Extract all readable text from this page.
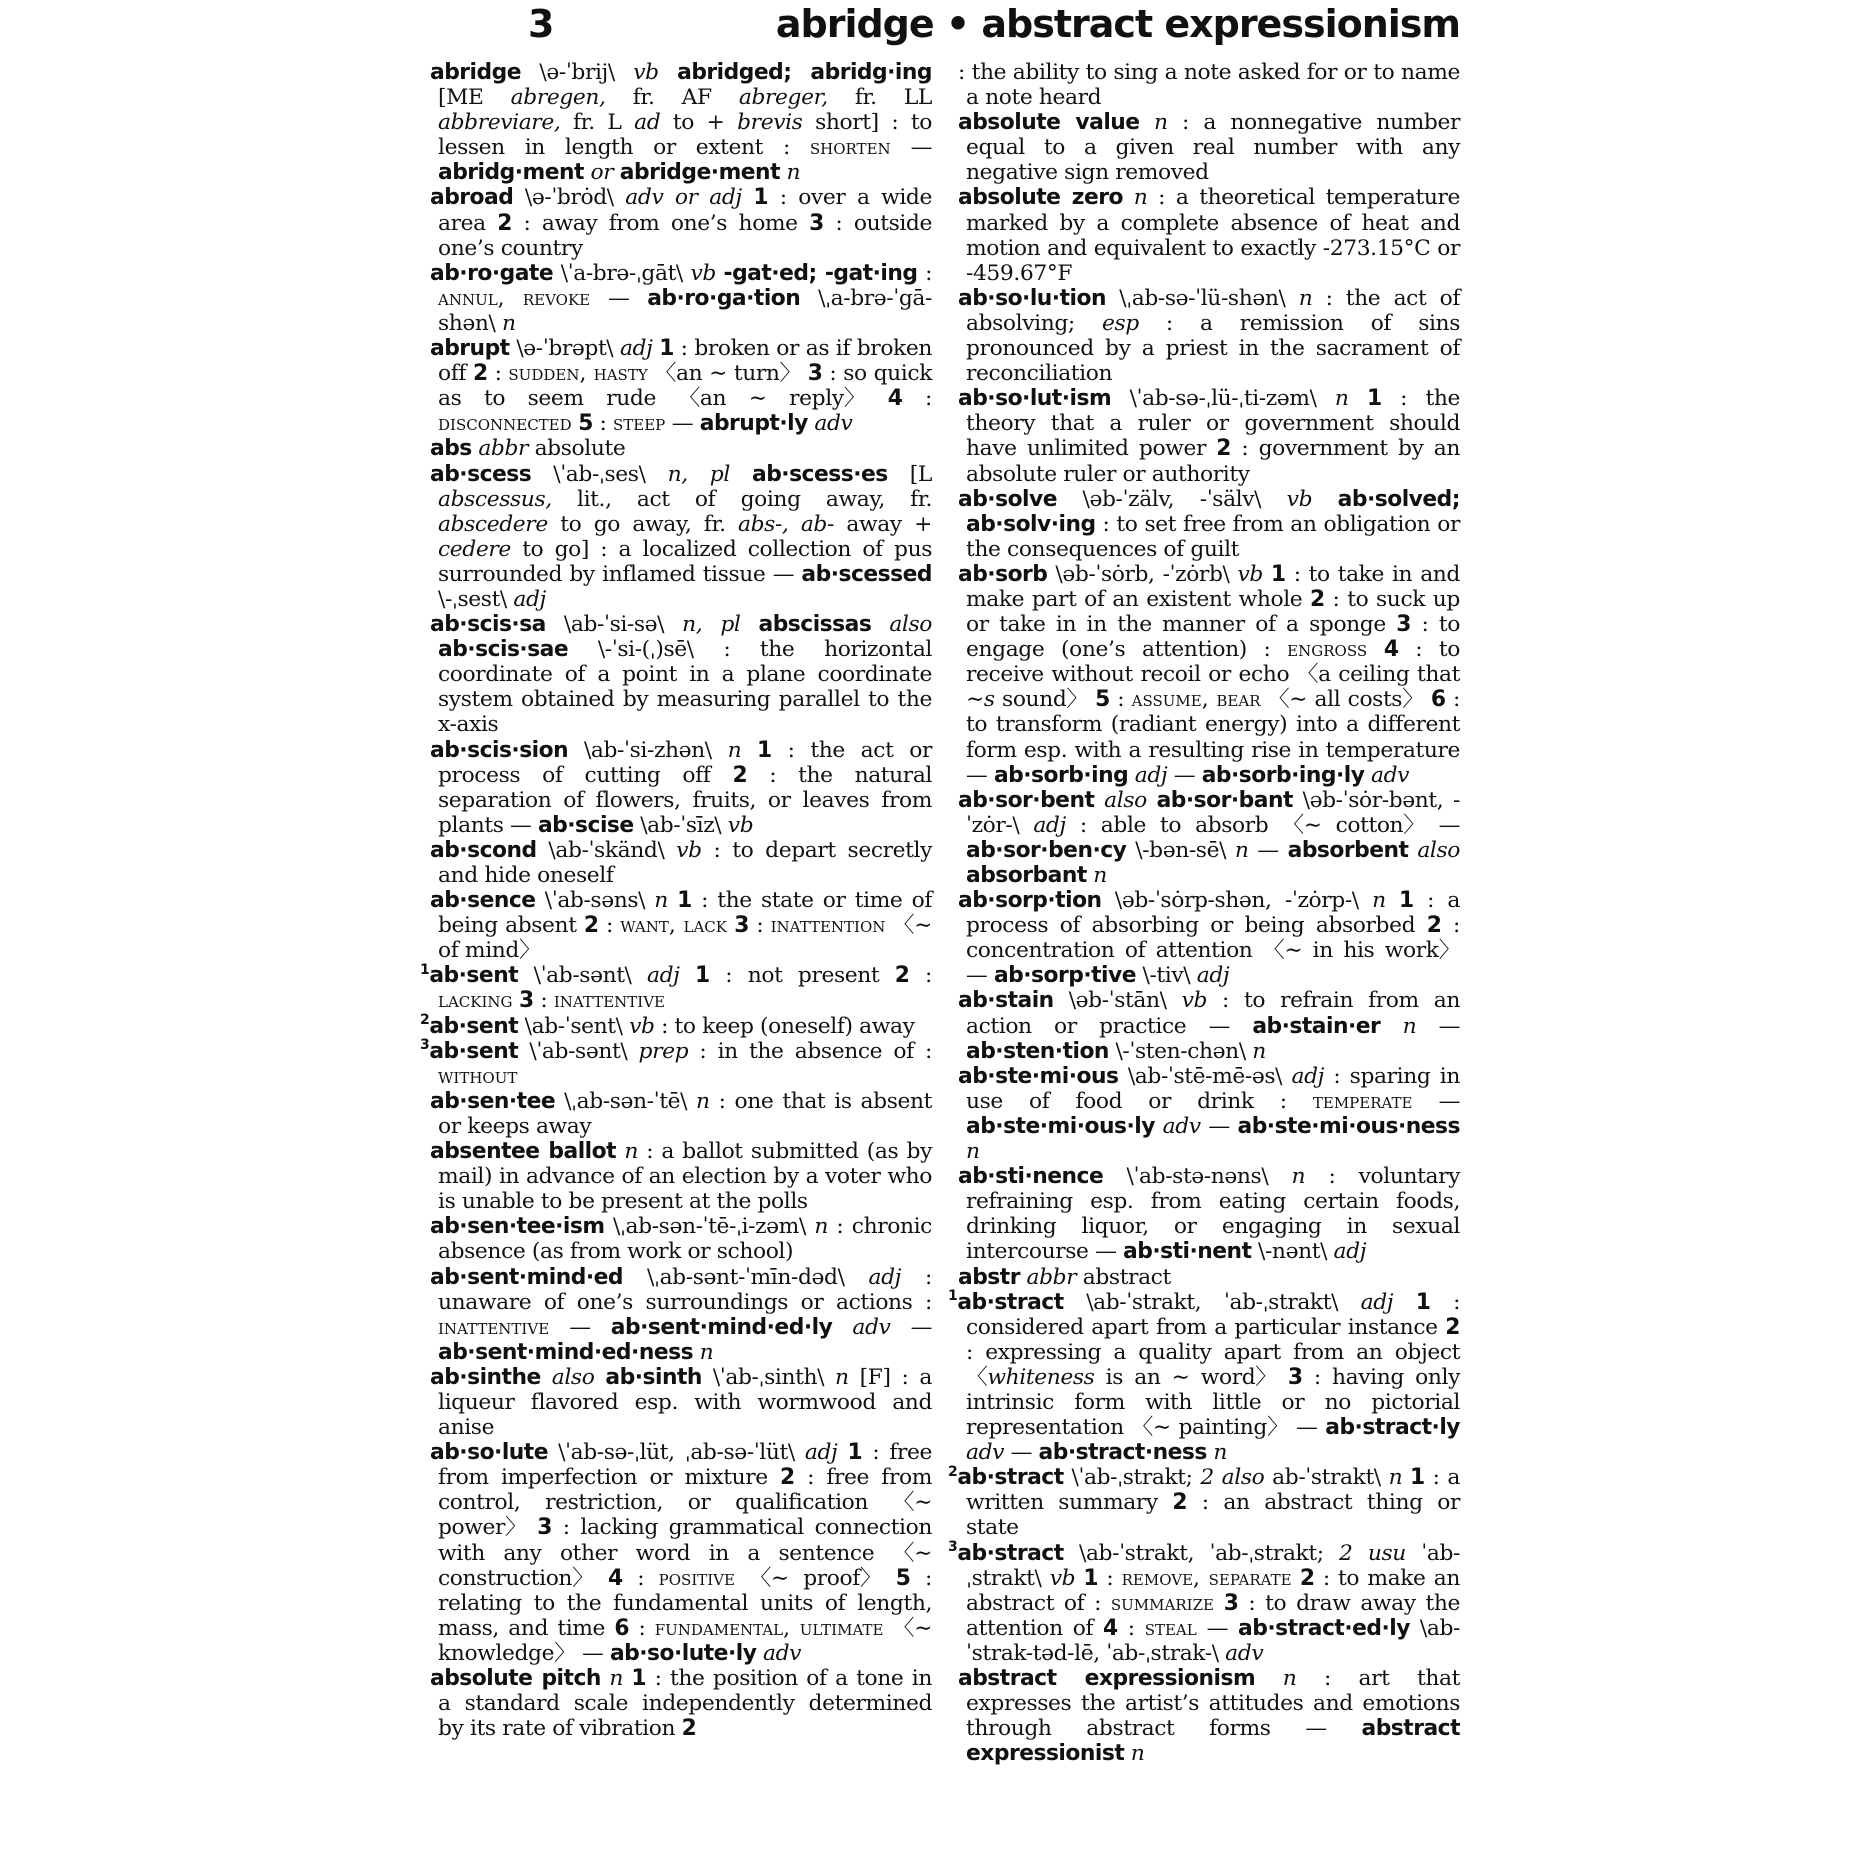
3	abridge • abstract expressionism

abridge \ə-ˈbrij\ vb abridged; abridg·ing [ME abregen, fr. AF abreger, fr. LL abbreviare, fr. L ad to + brevis short] : to lessen in length or extent : shorten — abridg·ment or abridge·ment n

abroad \ə-ˈbrȯd\ adv or adj 1 : over a wide area 2 : away from one’s home 3 : outside one’s country

ab·ro·gate \ˈa-brə-ˌgāt\ vb -gat·ed; -gat·ing : annul, revoke — ab·ro·ga·tion \ˌa-brə-ˈgā-shən\ n

abrupt \ə-ˈbrəpt\ adj 1 : broken or as if broken off 2 : sudden, hasty 〈an ∼ turn〉 3 : so quick as to seem rude 〈an ∼ reply〉 4 : disconnected 5 : steep — abrupt·ly adv

abs abbr absolute

ab·scess \ˈab-ˌses\ n, pl ab·scess·es [L abscessus, lit., act of going away, fr. abscedere to go away, fr. abs-, ab- away + cedere to go] : a localized collection of pus surrounded by inflamed tissue — ab·scessed \-ˌsest\ adj

ab·scis·sa \ab-ˈsi-sə\ n, pl abscissas also ab·scis·sae \-ˈsi-(ˌ)sē\ : the horizontal coordinate of a point in a plane coordinate system obtained by measuring parallel to the x-axis

ab·scis·sion \ab-ˈsi-zhən\ n 1 : the act or process of cutting off 2 : the natural separation of flowers, fruits, or leaves from plants — ab·scise \ab-ˈsīz\ vb

ab·scond \ab-ˈskänd\ vb : to depart secretly and hide oneself

ab·sence \ˈab-səns\ n 1 : the state or time of being absent 2 : want, lack 3 : inattention 〈∼ of mind〉

$^1$ab·sent \ˈab-sənt\ adj 1 : not present 2 : lacking 3 : inattentive

$^2$ab·sent \ab-ˈsent\ vb : to keep (oneself) away

$^3$ab·sent \ˈab-sənt\ prep : in the absence of : without

ab·sen·tee \ˌab-sən-ˈtē\ n : one that is absent or keeps away

absentee ballot n : a ballot submitted (as by mail) in advance of an election by a voter who is unable to be present at the polls

ab·sen·tee·ism \ˌab-sən-ˈtē-ˌi-zəm\ n : chronic absence (as from work or school)

ab·sent·mind·ed \ˌab-sənt-ˈmīn-dəd\ adj : unaware of one’s surroundings or actions : inattentive — ab·sent·mind·ed·ly adv — ab·sent·mind·ed·ness n

ab·sinthe also ab·sinth \ˈab-ˌsinth\ n [F] : a liqueur flavored esp. with wormwood and anise

ab·so·lute \ˈab-sə-ˌlüt, ˌab-sə-ˈlüt\ adj 1 : free from imperfection or mixture 2 : free from control, restriction, or qualification 〈∼ power〉 3 : lacking grammatical connection with any other word in a sentence 〈∼ construction〉 4 : positive 〈∼ proof〉 5 : relating to the fundamental units of length, mass, and time 6 : fundamental, ultimate 〈∼ knowledge〉 — ab·so·lute·ly adv

absolute pitch n 1 : the position of a tone in a standard scale independently determined by its rate of vibration 2

: the ability to sing a note asked for or to name a note heard

absolute value n : a nonnegative number equal to a given real number with any negative sign removed

absolute zero n : a theoretical temperature marked by a complete absence of heat and motion and equivalent to exactly -273.15°C or -459.67°F

ab·so·lu·tion \ˌab-sə-ˈlü-shən\ n : the act of absolving; esp : a remission of sins pronounced by a priest in the sacrament of reconciliation

ab·so·lut·ism \ˈab-sə-ˌlü-ˌti-zəm\ n 1 : the theory that a ruler or government should have unlimited power 2 : government by an absolute ruler or authority

ab·solve \əb-ˈzälv, -ˈsälv\ vb ab·solved; ab·solv·ing : to set free from an obligation or the consequences of guilt

ab·sorb \əb-ˈsȯrb, -ˈzȯrb\ vb 1 : to take in and make part of an existent whole 2 : to suck up or take in in the manner of a sponge 3 : to engage (one’s attention) : engross 4 : to receive without recoil or echo 〈a ceiling that ∼s sound〉 5 : assume, bear 〈∼ all costs〉 6 : to transform (radiant energy) into a different form esp. with a resulting rise in temperature — ab·sorb·ing adj — ab·sorb·ing·ly adv

ab·sor·bent also ab·sor·bant \əb-ˈsȯr-bənt, -ˈzȯr-\ adj : able to absorb 〈∼ cotton〉 — ab·sor·ben·cy \-bən-sē\ n — absorbent also absorbant n

ab·sorp·tion \əb-ˈsȯrp-shən, -ˈzȯrp-\ n 1 : a process of absorbing or being absorbed 2 : concentration of attention 〈∼ in his work〉 — ab·sorp·tive \-tiv\ adj

ab·stain \əb-ˈstān\ vb : to refrain from an action or practice — ab·stain·er n — ab·sten·tion \-ˈsten-chən\ n

ab·ste·mi·ous \ab-ˈstē-mē-əs\ adj : sparing in use of food or drink : temperate — ab·ste·mi·ous·ly adv — ab·ste·mi·ous·ness n

ab·sti·nence \ˈab-stə-nəns\ n : voluntary refraining esp. from eating certain foods, drinking liquor, or engaging in sexual intercourse — ab·sti·nent \-nənt\ adj

abstr abbr abstract

$^1$ab·stract \ab-ˈstrakt, ˈab-ˌstrakt\ adj 1 : considered apart from a particular instance 2 : expressing a quality apart from an object 〈whiteness is an ∼ word〉 3 : having only intrinsic form with little or no pictorial representation 〈∼ painting〉 — ab·stract·ly adv — ab·stract·ness n

$^2$ab·stract \ˈab-ˌstrakt; 2 also ab-ˈstrakt\ n 1 : a written summary 2 : an abstract thing or state

$^3$ab·stract \ab-ˈstrakt, ˈab-ˌstrakt; 2 usu ˈab-ˌstrakt\ vb 1 : remove, separate 2 : to make an abstract of : summarize 3 : to draw away the attention of 4 : steal — ab·stract·ed·ly \ab-ˈstrak-təd-lē, ˈab-ˌstrak-\ adv

abstract expressionism n : art that expresses the artist’s attitudes and emotions through abstract forms — abstract expressionist n
